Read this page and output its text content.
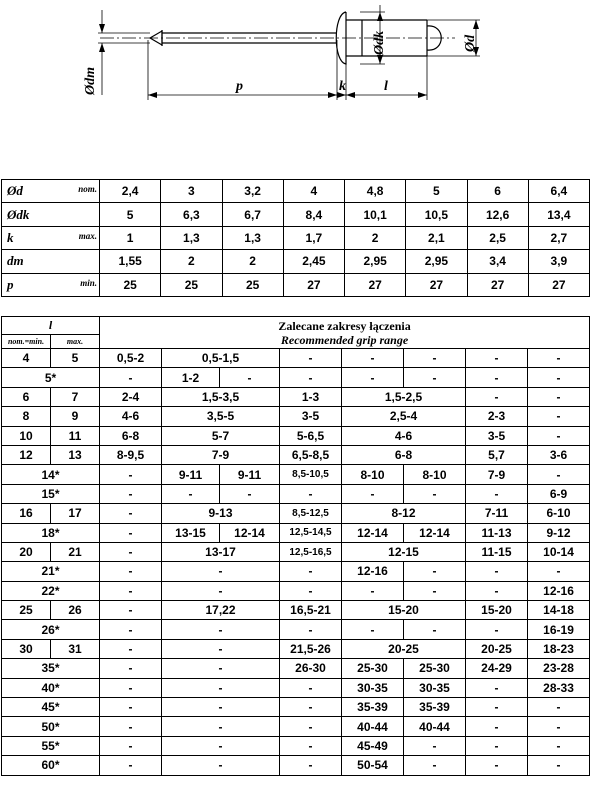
Ødm	p	k	l
Ødk	Ød
nom.
Ød	2,4	3	3,2	4	4,8	5	6	6,4

Ødk	5	6,3	6,7	8,4	10,1	10,5	12,6	13,4

max.
k	1	1,3	1,3	1,7	2	2,1	2,5	2,7

dm	1,55	2	2	2,45	2,95	2,95	3,4	3,9

min.
p	25	25	25	27	27	27	27	27
l		Zalecane zakresy łączenia
Recommended grip range							

nom.=min.	max.								
4	5	0,5-2	0,5-1,5		-	-	-	-	-
5*		-	1-2	-	-	-	-	-	-
6	7	2-4	1,5-3,5		1-3	1,5-2,5		-	-
8	9	4-6	3,5-5		3-5	2,5-4		2-3	-
10	11	6-8	5-7		5-6,5	4-6		3-5	-
12	13	8-9,5	7-9		6,5-8,5	6-8		5,7	3-6
14*		-	9-11	9-11	8,5-10,5	8-10	8-10	7-9	-
15*		-	-	-	-	-	-	-	6-9
16	17	-	9-13		8,5-12,5	8-12		7-11	6-10
18*		-	13-15	12-14	12,5-14,5	12-14	12-14	11-13	9-12
20	21	-	13-17		12,5-16,5	12-15		11-15	10-14
21*		-	-		-	12-16	-	-	-
22*		-	-		-	-	-	-	12-16
25	26	-	17,22		16,5-21	15-20		15-20	14-18
26*		-	-		-	-	-	-	16-19
30	31	-	-		21,5-26	20-25		20-25	18-23
35*		-	-		26-30	25-30	25-30	24-29	23-28
40*		-	-		-	30-35	30-35	-	28-33
45*		-	-		-	35-39	35-39	-	-
50*		-	-		-	40-44	40-44	-	-
55*		-	-		-	45-49	-	-	-
60*		-	-		-	50-54	-	-	-
